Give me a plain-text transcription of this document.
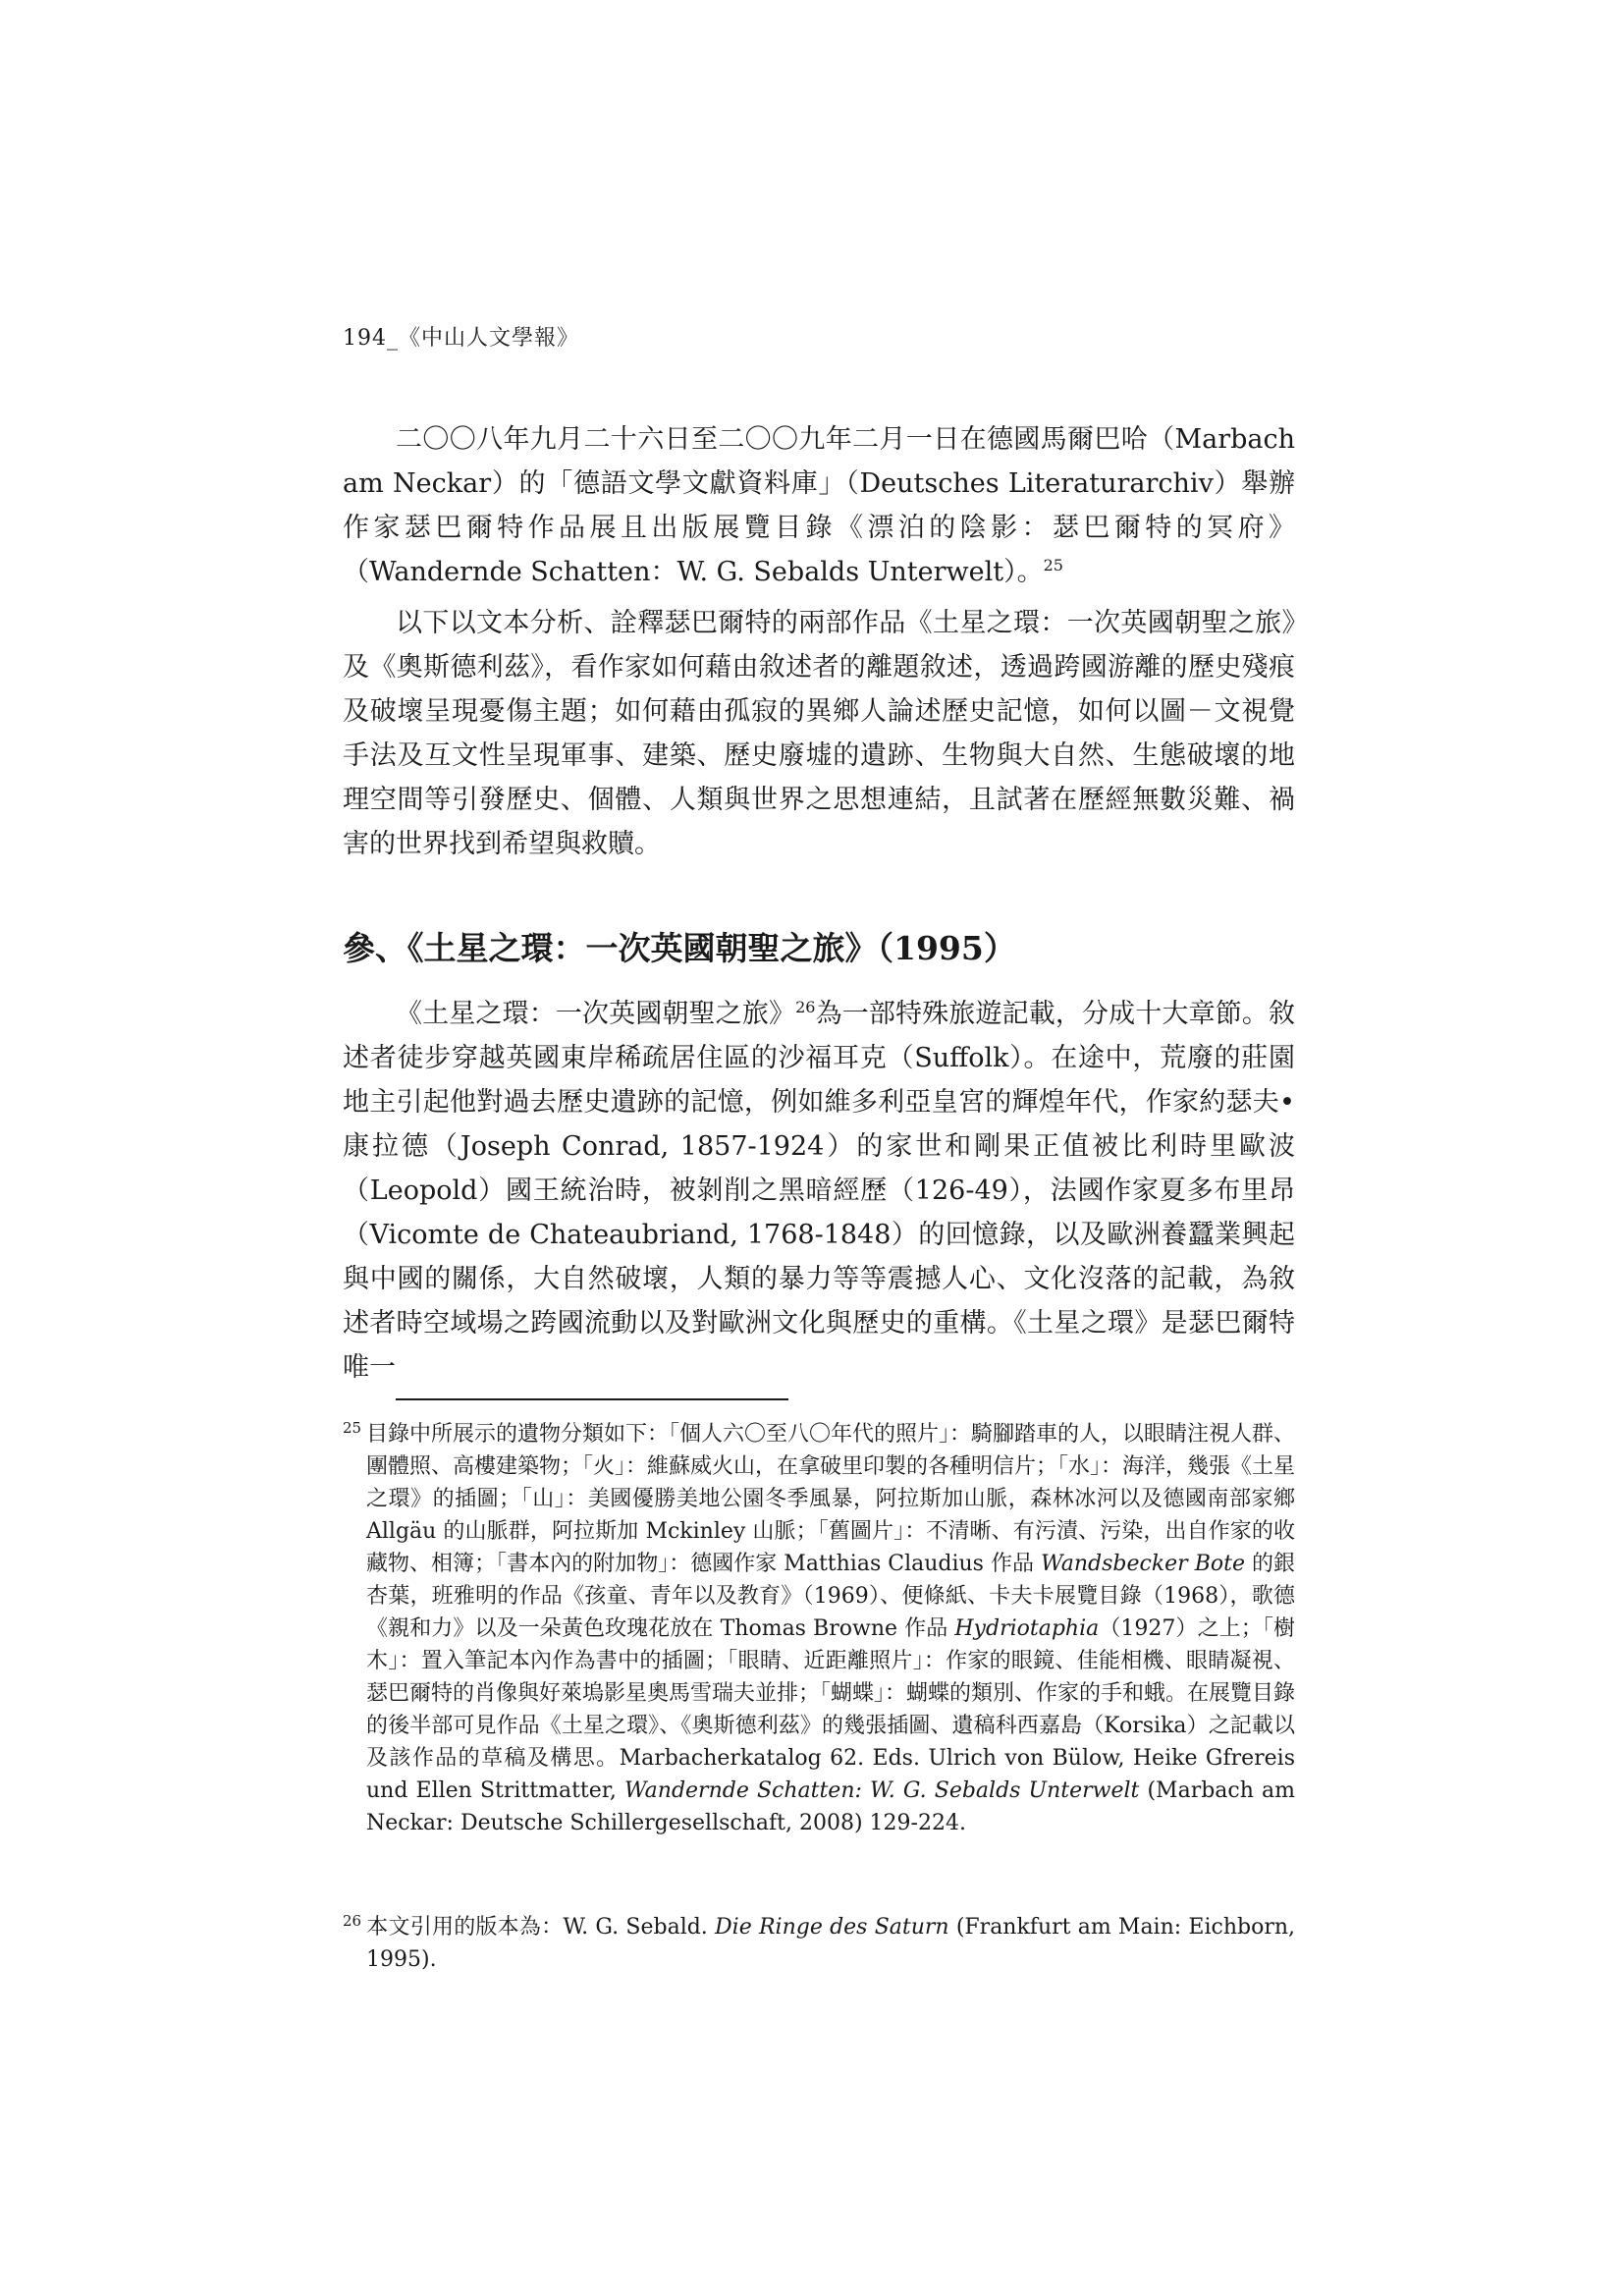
194_《中山人文學報》

二〇〇八年九月二十六日至二〇〇九年二月一日在德國馬爾巴哈（Marbach am Neckar）的「德語文學文獻資料庫」（Deutsches Literaturarchiv）舉辦作家瑟巴爾特作品展且出版展覽目錄《漂泊的陰影：瑟巴爾特的冥府》（Wandernde Schatten：W. G. Sebalds Unterwelt）。$^{25}$

以下以文本分析、詮釋瑟巴爾特的兩部作品《土星之環：一次英國朝聖之旅》及《奧斯德利茲》，看作家如何藉由敘述者的離題敘述，透過跨國游離的歷史殘痕及破壞呈現憂傷主題；如何藉由孤寂的異鄉人論述歷史記憶，如何以圖－文視覺手法及互文性呈現軍事、建築、歷史廢墟的遺跡、生物與大自然、生態破壞的地理空間等引發歷史、個體、人類與世界之思想連結，且試著在歷經無數災難、禍害的世界找到希望與救贖。

參、《土星之環：一次英國朝聖之旅》（1995）

《土星之環：一次英國朝聖之旅》$^{26}$為一部特殊旅遊記載，分成十大章節。敘述者徒步穿越英國東岸稀疏居住區的沙福耳克（Suffolk）。在途中，荒廢的莊園地主引起他對過去歷史遺跡的記憶，例如維多利亞皇宮的輝煌年代，作家約瑟夫•康拉德（Joseph Conrad, 1857-1924）的家世和剛果正值被比利時里歐波（Leopold）國王統治時，被剝削之黑暗經歷（126-49），法國作家夏多布里昂（Vicomte de Chateaubriand, 1768-1848）的回憶錄，以及歐洲養蠶業興起與中國的關係，大自然破壞，人類的暴力等等震撼人心、文化沒落的記載，為敘述者時空域場之跨國流動以及對歐洲文化與歷史的重構。《土星之環》是瑟巴爾特唯一

25 目錄中所展示的遺物分類如下：「個人六〇至八〇年代的照片」：騎腳踏車的人，以眼睛注視人群、團體照、高樓建築物；「火」：維蘇威火山，在拿破里印製的各種明信片；「水」：海洋，幾張《土星之環》的插圖；「山」：美國優勝美地公園冬季風暴，阿拉斯加山脈，森林冰河以及德國南部家鄉 Allgäu 的山脈群，阿拉斯加 Mckinley 山脈；「舊圖片」：不清晰、有污漬、污染，出自作家的收藏物、相簿；「書本內的附加物」：德國作家 Matthias Claudius 作品 Wandsbecker Bote 的銀杏葉，班雅明的作品《孩童、青年以及教育》（1969）、便條紙、卡夫卡展覽目錄（1968），歌德《親和力》以及一朵黃色玫瑰花放在 Thomas Browne 作品 Hydriotaphia（1927）之上；「樹木」：置入筆記本內作為書中的插圖；「眼睛、近距離照片」：作家的眼鏡、佳能相機、眼睛凝視、瑟巴爾特的肖像與好萊塢影星奧馬雪瑞夫並排；「蝴蝶」：蝴蝶的類別、作家的手和蛾。在展覽目錄的後半部可見作品《土星之環》、《奧斯德利茲》的幾張插圖、遺稿科西嘉島（Korsika）之記載以及該作品的草稿及構思。Marbacherkatalog 62. Eds. Ulrich von Bülow, Heike Gfrereis und Ellen Strittmatter, Wandernde Schatten: W. G. Sebalds Unterwelt (Marbach am Neckar: Deutsche Schillergesellschaft, 2008) 129-224.

26 本文引用的版本為：W. G. Sebald. Die Ringe des Saturn (Frankfurt am Main: Eichborn, 1995).
